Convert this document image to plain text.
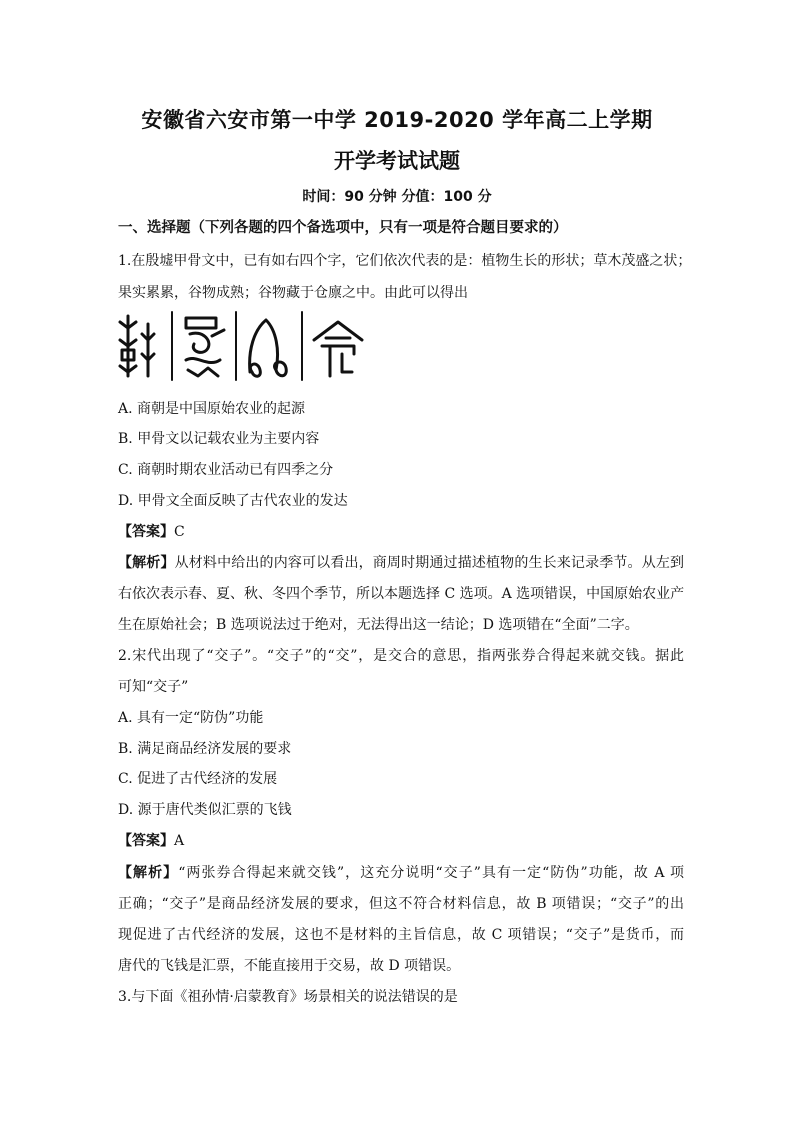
安徽省六安市第一中学 2019-2020 学年高二上学期
开学考试试题
时间：90 分钟 分值：100 分
一、选择题（下列各题的四个备选项中，只有一项是符合题目要求的）
1.在殷墟甲骨文中，已有如右四个字，它们依次代表的是：植物生长的形状；草木茂盛之状；
果实累累，谷物成熟；谷物藏于仓廪之中。由此可以得出
A. 商朝是中国原始农业的起源
B. 甲骨文以记载农业为主要内容
C. 商朝时期农业活动已有四季之分
D. 甲骨文全面反映了古代农业的发达
【答案】C
【解析】从材料中给出的内容可以看出，商周时期通过描述植物的生长来记录季节。从左到
右依次表示春、夏、秋、冬四个季节，所以本题选择 C 选项。A 选项错误，中国原始农业产
生在原始社会；B 选项说法过于绝对，无法得出这一结论；D 选项错在“全面”二字。
2.宋代出现了“交子”。“交子”的“交”，是交合的意思，指两张券合得起来就交钱。据此
可知“交子”
A. 具有一定“防伪”功能
B. 满足商品经济发展的要求
C. 促进了古代经济的发展
D. 源于唐代类似汇票的飞钱
【答案】A
【解析】“两张券合得起来就交钱”，这充分说明“交子”具有一定“防伪”功能，故 A 项
正确；“交子”是商品经济发展的要求，但这不符合材料信息，故 B 项错误；“交子”的出
现促进了古代经济的发展，这也不是材料的主旨信息，故 C 项错误；“交子”是货币，而
唐代的飞钱是汇票，不能直接用于交易，故 D 项错误。
3.与下面《祖孙情·启蒙教育》场景相关的说法错误的是
